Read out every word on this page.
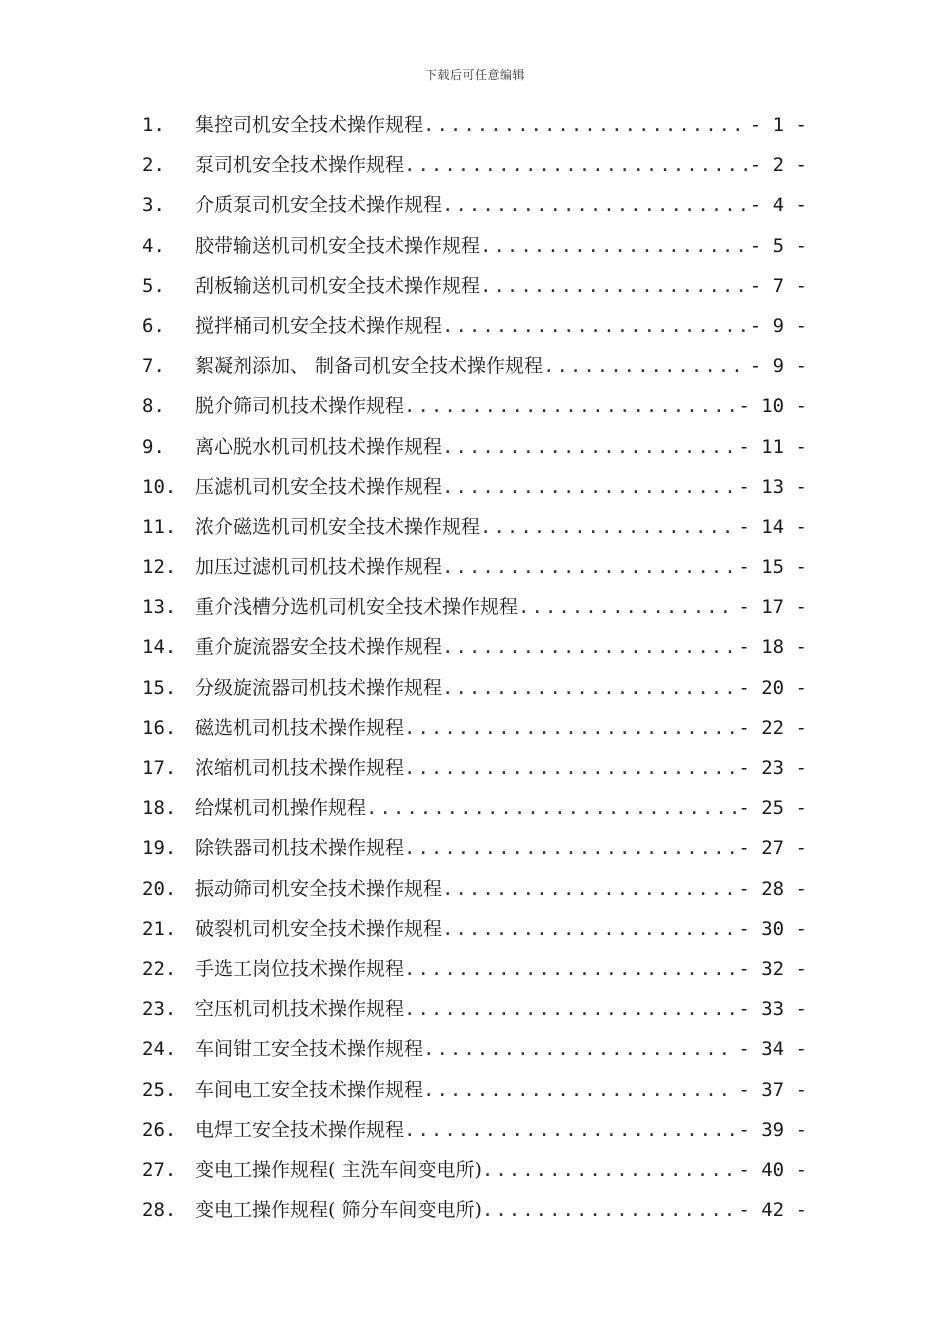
下载后可任意编辑
1. 集控司机安全技术操作规程 .....	- 1 -
2. 泵司机安全技术操作规程 .....	- 2 -
3. 介质泵司机安全技术操作规程 .....	- 4 -
4. 胶带输送机司机安全技术操作规程 .....	- 5 -
5. 刮板输送机司机安全技术操作规程 .....	- 7 -
6. 搅拌桶司机安全技术操作规程 .....	- 9 -
7. 絮凝剂添加、 制备司机安全技术操作规程 .....	- 9 -
8. 脱介筛司机技术操作规程 .....	- 10 -
9. 离心脱水机司机技术操作规程 .....	- 11 -
10. 压滤机司机安全技术操作规程 .....	- 13 -
11. 浓介磁选机司机安全技术操作规程 .....	- 14 -
12. 加压过滤机司机技术操作规程 .....	- 15 -
13. 重介浅槽分选机司机安全技术操作规程 .....	- 17 -
14. 重介旋流器安全技术操作规程 .....	- 18 -
15. 分级旋流器司机技术操作规程 .....	- 20 -
16. 磁选机司机技术操作规程 .....	- 22 -
17. 浓缩机司机技术操作规程 .....	- 23 -
18. 给煤机司机操作规程 .....	- 25 -
19. 除铁器司机技术操作规程 .....	- 27 -
20. 振动筛司机安全技术操作规程 .....	- 28 -
21. 破裂机司机安全技术操作规程 .....	- 30 -
22. 手选工岗位技术操作规程 .....	- 32 -
23. 空压机司机技术操作规程 .....	- 33 -
24. 车间钳工安全技术操作规程 .....	- 34 -
25. 车间电工安全技术操作规程 .....	- 37 -
26. 电焊工安全技术操作规程 .....	- 39 -
27. 变电工操作规程( 主洗车间变电所) .....	- 40 -
28. 变电工操作规程( 筛分车间变电所) .....	- 42 -
